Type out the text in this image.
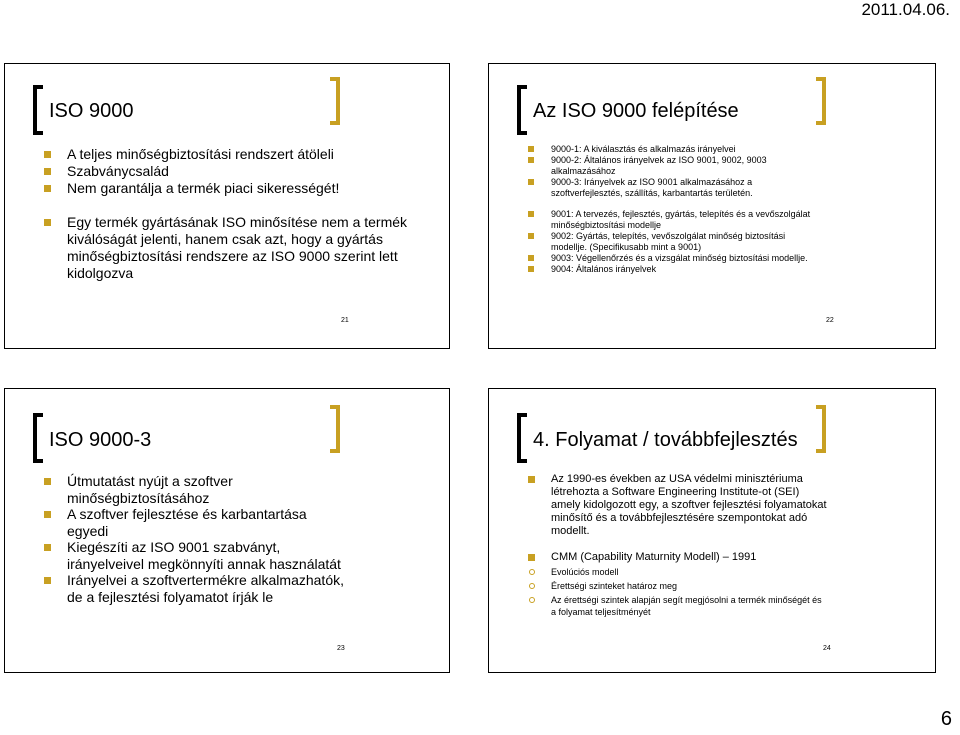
2011.04.06.
ISO 9000
A teljes minőségbiztosítási rendszert átöleli
Szabványcsalád
Nem garantálja a termék piaci sikerességét!
Egy termék gyártásának ISO minősítése nem a termék kiválóságát jelenti, hanem csak azt, hogy a gyártás minőségbiztosítási rendszere az ISO 9000 szerint lett kidolgozva
21
Az ISO 9000 felépítése
9000-1: A kiválasztás és alkalmazás irányelvei
9000-2: Általános irányelvek az ISO 9001, 9002, 9003 alkalmazásához
9000-3: Irányelvek az ISO 9001 alkalmazásához a szoftverfejlesztés, szállítás, karbantartás területén.
9001: A tervezés, fejlesztés, gyártás, telepítés és a vevőszolgálat minőségbiztosítási modellje
9002: Gyártás, telepítés, vevőszolgálat minőség biztosítási modellje. (Specifikusabb mint a 9001)
9003: Végellenőrzés és a vizsgálat minőség biztosítási modellje.
9004: Általános irányelvek
22
ISO 9000-3
Útmutatást nyújt a szoftver minőségbiztosításához
A szoftver fejlesztése és karbantartása egyedi
Kiegészíti az ISO 9001 szabványt, irányelveivel megkönnyíti annak használatát
Irányelvei a szoftvertermékre alkalmazhatók, de a fejlesztési folyamatot írják le
23
4. Folyamat / továbbfejlesztés
Az 1990-es években az USA védelmi minisztériuma létrehozta a Software Engineering Institute-ot (SEI) amely kidolgozott egy, a szoftver fejlesztési folyamatokat minősítő és a továbbfejlesztésére szempontokat adó modellt.
CMM (Capability Maturnity Modell) – 1991
Evolúciós modell
Érettségi szinteket határoz meg
Az érettségi szintek alapján segít megjósolni a termék minőségét és a folyamat teljesítményét
24
6
